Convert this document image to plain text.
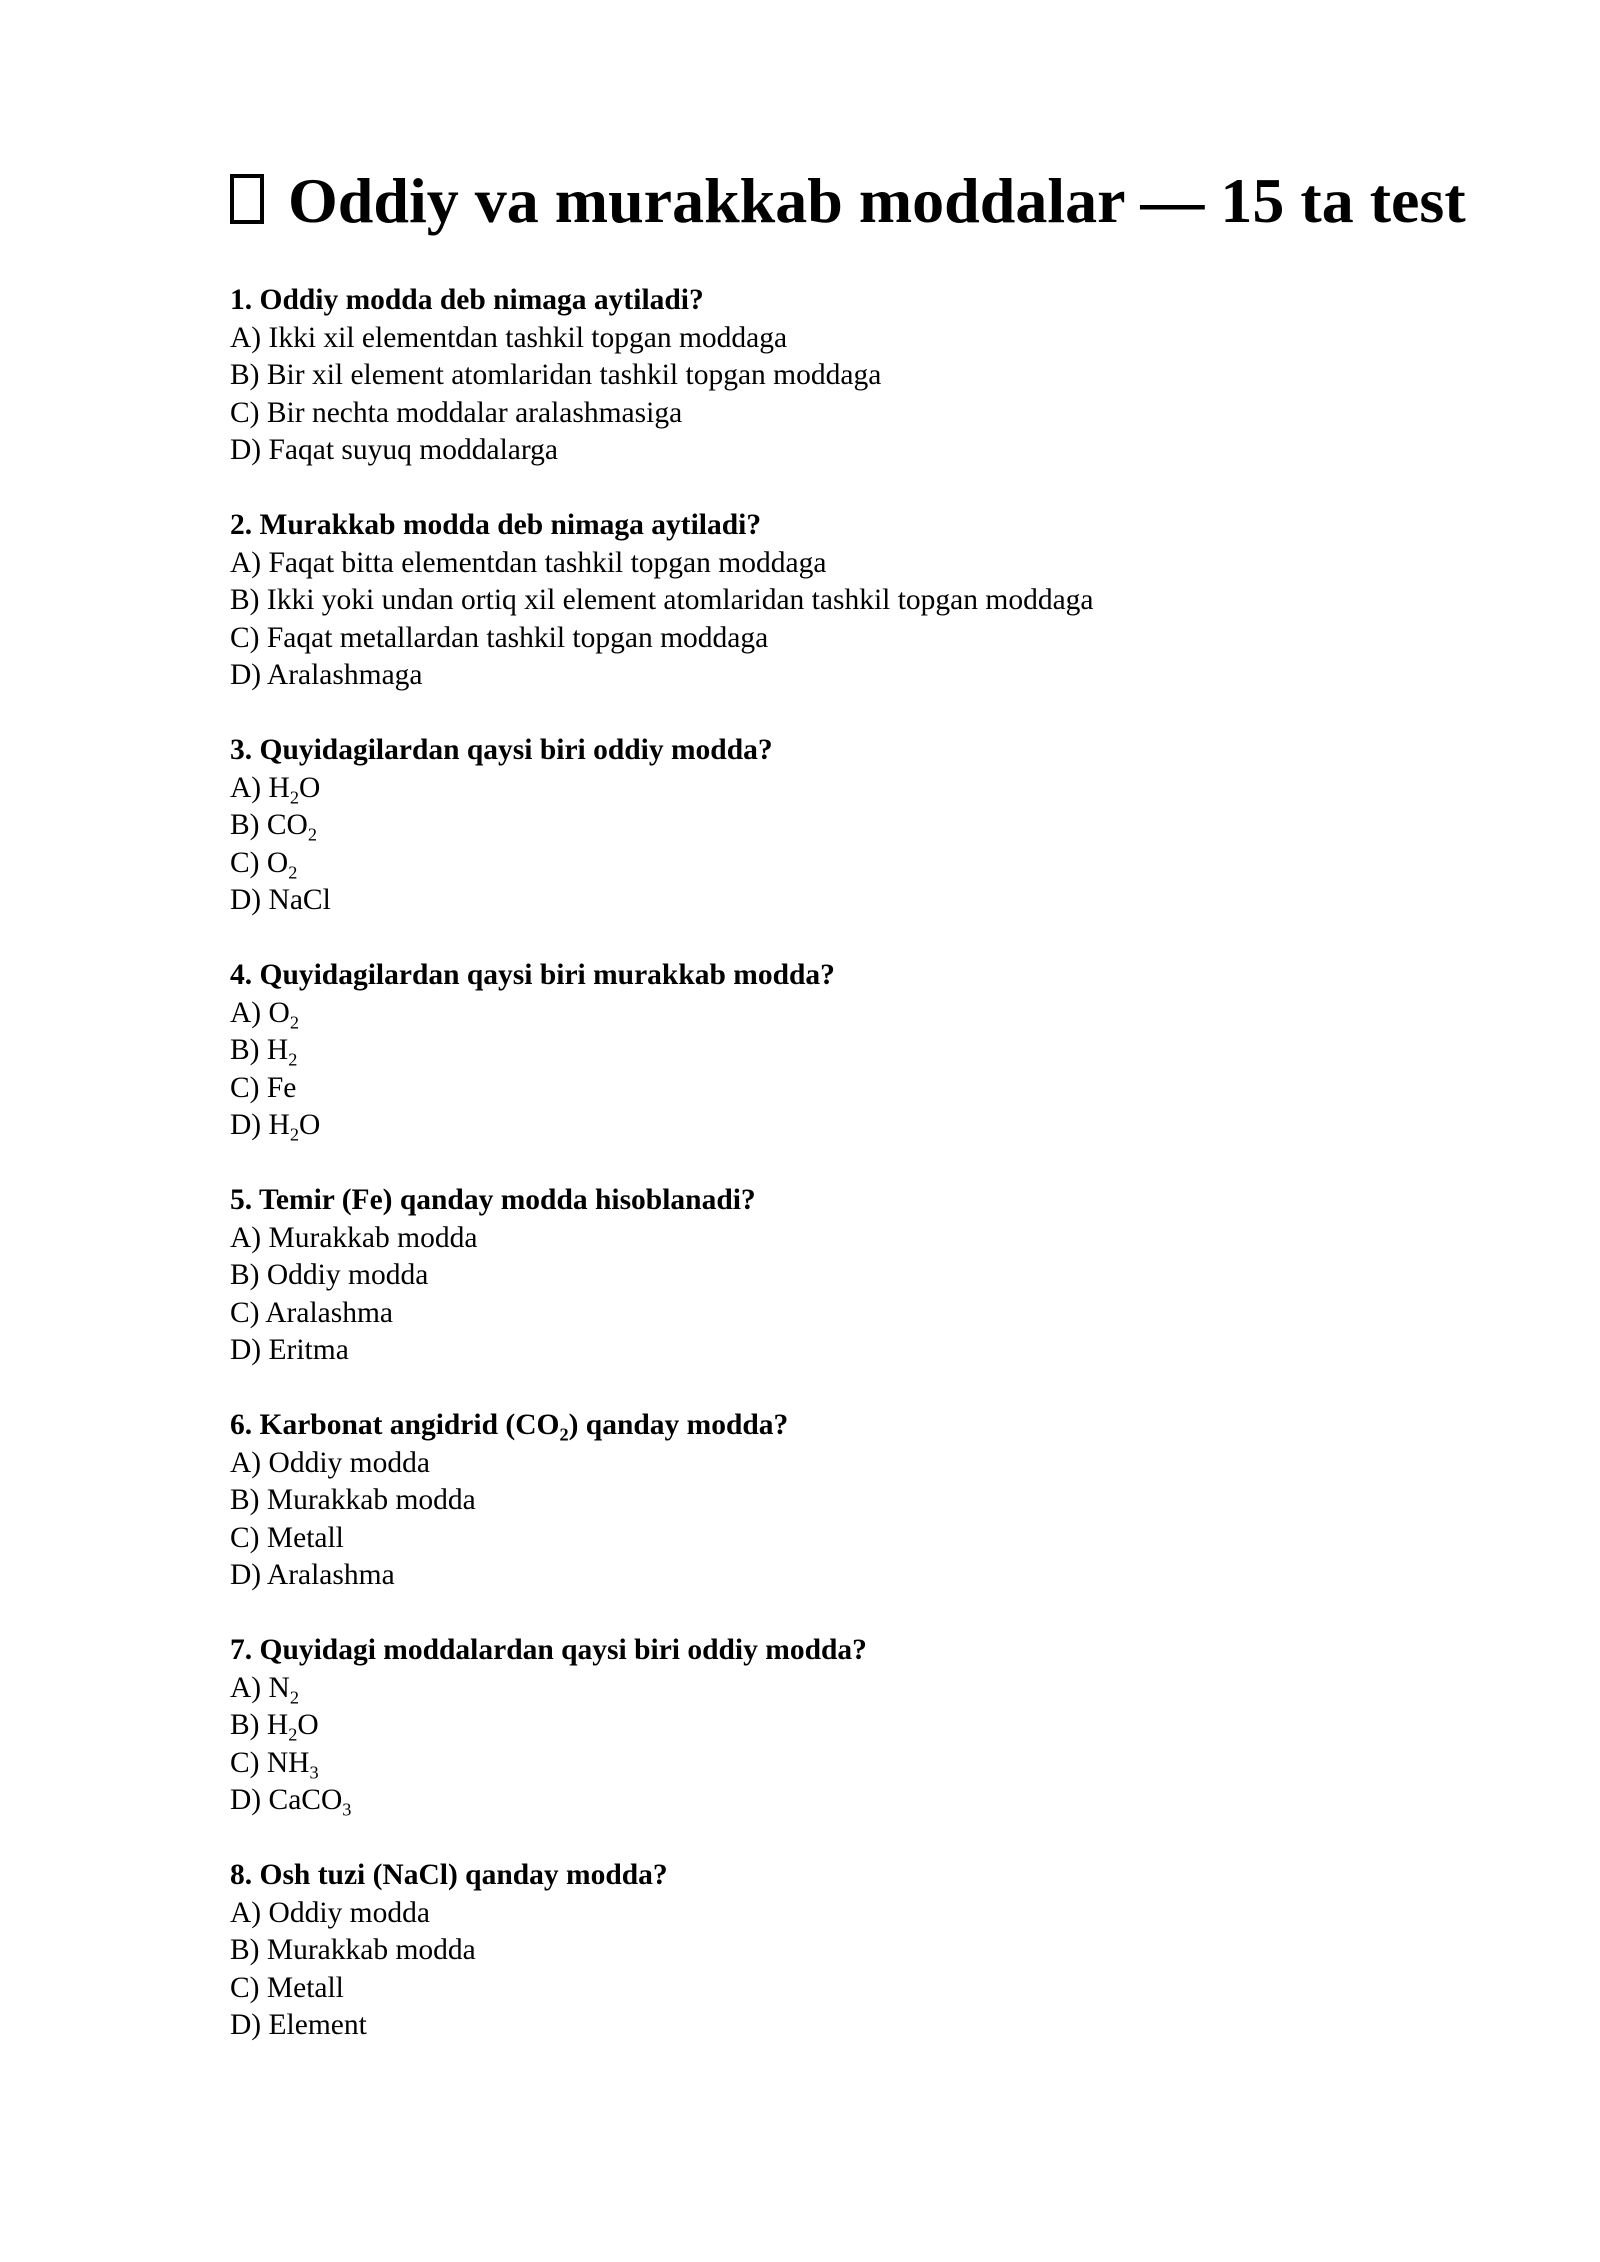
Oddiy va murakkab moddalar — 15 ta test
1. Oddiy modda deb nimaga aytiladi?
A) Ikki xil elementdan tashkil topgan moddaga
B) Bir xil element atomlaridan tashkil topgan moddaga
C) Bir nechta moddalar aralashmasiga
D) Faqat suyuq moddalarga
2. Murakkab modda deb nimaga aytiladi?
A) Faqat bitta elementdan tashkil topgan moddaga
B) Ikki yoki undan ortiq xil element atomlaridan tashkil topgan moddaga
C) Faqat metallardan tashkil topgan moddaga
D) Aralashmaga
3. Quyidagilardan qaysi biri oddiy modda?
A) $H_2O$
B) $CO_2$
C) $O_2$
D) NaCl
4. Quyidagilardan qaysi biri murakkab modda?
A) $O_2$
B) $H_2$
C) Fe
D) $H_2O$
5. Temir (Fe) qanday modda hisoblanadi?
A) Murakkab modda
B) Oddiy modda
C) Aralashma
D) Eritma
6. Karbonat angidrid $(CO_2)$ qanday modda?
A) Oddiy modda
B) Murakkab modda
C) Metall
D) Aralashma
7. Quyidagi moddalardan qaysi biri oddiy modda?
A) $N_2$
B) $H_2O$
C) $NH_3$
D) CaCO$_3$
8. Osh tuzi (NaCl) qanday modda?
A) Oddiy modda
B) Murakkab modda
C) Metall
D) Element
